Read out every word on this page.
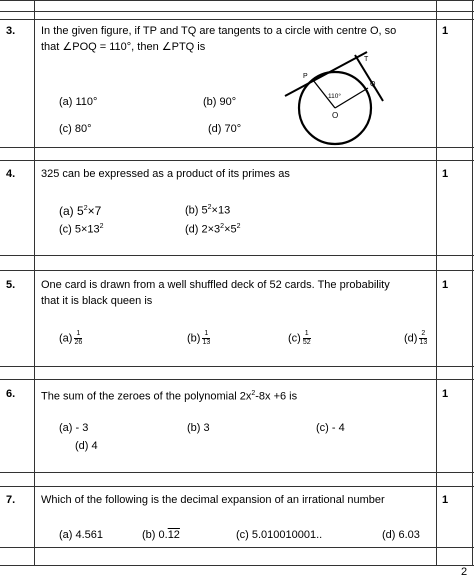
3. In the given figure, if TP and TQ are tangents to a circle with centre O, so
that ∠POQ = 110°, then ∠PTQ is
1
(a) 110°	(b) 90°
(c) 80°	(d) 70°
T
P
Q
O
110°
4. 325 can be expressed as a product of its primes as	1
(a) $5^2\times 7$	(b) $5^2\times 13$
(c) $5\times 13^2$	(d) $2\times 3^2\times 5^2$
5. One card is drawn from a well shuffled deck of 52 cards. The probability
that it is black queen is
1
$(a) \frac{1}{26}$	$(b) \frac{1}{13}$	$(c) \frac{1}{52}$	$(d) \frac{2}{13}$
6. The sum of the zeroes of the polynomial $2x^2-8x +6$ is	1
(a) - 3	(b) 3	(c) - 4
(d) 4
7. Which of the following is the decimal expansion of an irrational number	1
(a) 4.561	(b) 0.12	(c) 5.010010001..	(d) 6.03
2
